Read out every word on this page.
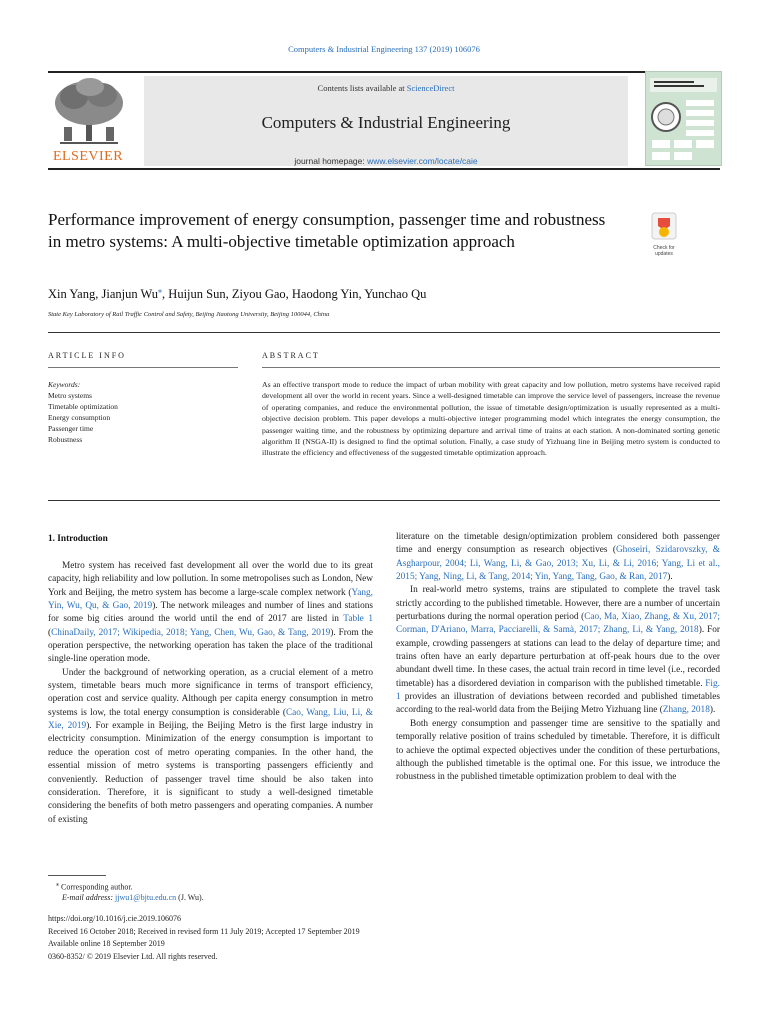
Computers & Industrial Engineering 137 (2019) 106076
ELSEVIER
Contents lists available at ScienceDirect
Computers & Industrial Engineering
journal homepage: www.elsevier.com/locate/caie
Performance improvement of energy consumption, passenger time and robustness in metro systems: A multi-objective timetable optimization approach	Check for updates
Xin Yang, Jianjun Wu⁎, Huijun Sun, Ziyou Gao, Haodong Yin, Yunchao Qu
State Key Laboratory of Rail Traffic Control and Safety, Beijing Jiaotong University, Beijing 100044, China
ARTICLE INFO
Keywords:
Metro systems
Timetable optimization
Energy consumption
Passenger time
Robustness
ABSTRACT
As an effective transport mode to reduce the impact of urban mobility with great capacity and low pollution, metro systems have received rapid development all over the world in recent years. Since a well-designed timetable can improve the service level of passengers, increase the revenue of operating companies, and reduce the environmental pollution, the issue of timetable design/optimization is usually represented as a multi-objective decision problem. This paper develops a multi-objective integer programming model which integrates the energy consumption, the passenger waiting time, and the robustness by optimizing departure and arrival time of trains at each station. A non-dominated sorting genetic algorithm II (NSGA-II) is designed to find the optimal solution. Finally, a case study of Yizhuang line in Beijing metro system is conducted to illustrate the efficiency and effectiveness of the suggested timetable optimization approach.
1. Introduction

Metro system has received fast development all over the world due to its great capacity, high reliability and low pollution. In some metropolises such as London, New York and Beijing, the metro system has become a large-scale complex network (Yang, Yin, Wu, Qu, & Gao, 2019). The network mileages and number of lines and stations for some big cities around the world until the end of 2017 are listed in Table 1 (ChinaDaily, 2017; Wikipedia, 2018; Yang, Chen, Wu, Gao, & Tang, 2019). From the operation perspective, the networking operation has taken the place of the traditional single-line operation mode.

Under the background of networking operation, as a crucial element of a metro system, timetable bears much more significance in terms of transport efficiency, operation cost and service quality. Although per capita energy consumption in metro systems is low, the total energy consumption is considerable (Cao, Wang, Liu, Li, & Xie, 2019). For example in Beijing, the Beijing Metro is the first large industry in electricity consumption. Minimization of the energy consumption is important to reduce the operation cost of metro operating companies. In the other hand, the essential mission of metro systems is transporting passengers efficiently and conveniently. Reduction of passenger travel time should be also taken into consideration. Therefore, it is significant to study a well-designed timetable considering the benefits of both metro passengers and operating companies. A number of existing

literature on the timetable design/optimization problem considered both passenger time and energy consumption as research objectives (Ghoseiri, Szidarovszky, & Asgharpour, 2004; Li, Wang, Li, & Gao, 2013; Xu, Li, & Li, 2016; Yang, Li et al., 2015; Yang, Ning, Li, & Tang, 2014; Yin, Yang, Tang, Gao, & Ran, 2017).

In real-world metro systems, trains are stipulated to complete the travel task strictly according to the published timetable. However, there are a number of uncertain perturbations during the normal operation period (Cao, Ma, Xiao, Zhang, & Xu, 2017; Corman, D'Ariano, Marra, Pacciarelli, & Samà, 2017; Zhang, Li, & Yang, 2018). For example, crowding passengers at stations can lead to the delay of departure time; and trains often have an early departure perturbation at off-peak hours due to the over abundant dwell time. In these cases, the actual train record in time level (i.e., recorded timetable) has a disordered deviation in comparison with the published timetable. Fig. 1 provides an illustration of deviations between recorded and published timetables according to the real-world data from the Beijing Metro Yizhuang line (Zhang, 2018).

Both energy consumption and passenger time are sensitive to the spatially and temporally relative position of trains scheduled by timetable. Therefore, it is difficult to achieve the optimal expected objectives under the condition of these perturbations, although the published timetable is the optimal one. For this issue, we introduce the robustness in the published timetable optimization problem to deal with the

⁎ Corresponding author.
E-mail address: jjwu1@bjtu.edu.cn (J. Wu).
https://doi.org/10.1016/j.cie.2019.106076
Received 16 October 2018; Received in revised form 11 July 2019; Accepted 17 September 2019
Available online 18 September 2019
0360-8352/ © 2019 Elsevier Ltd. All rights reserved.
